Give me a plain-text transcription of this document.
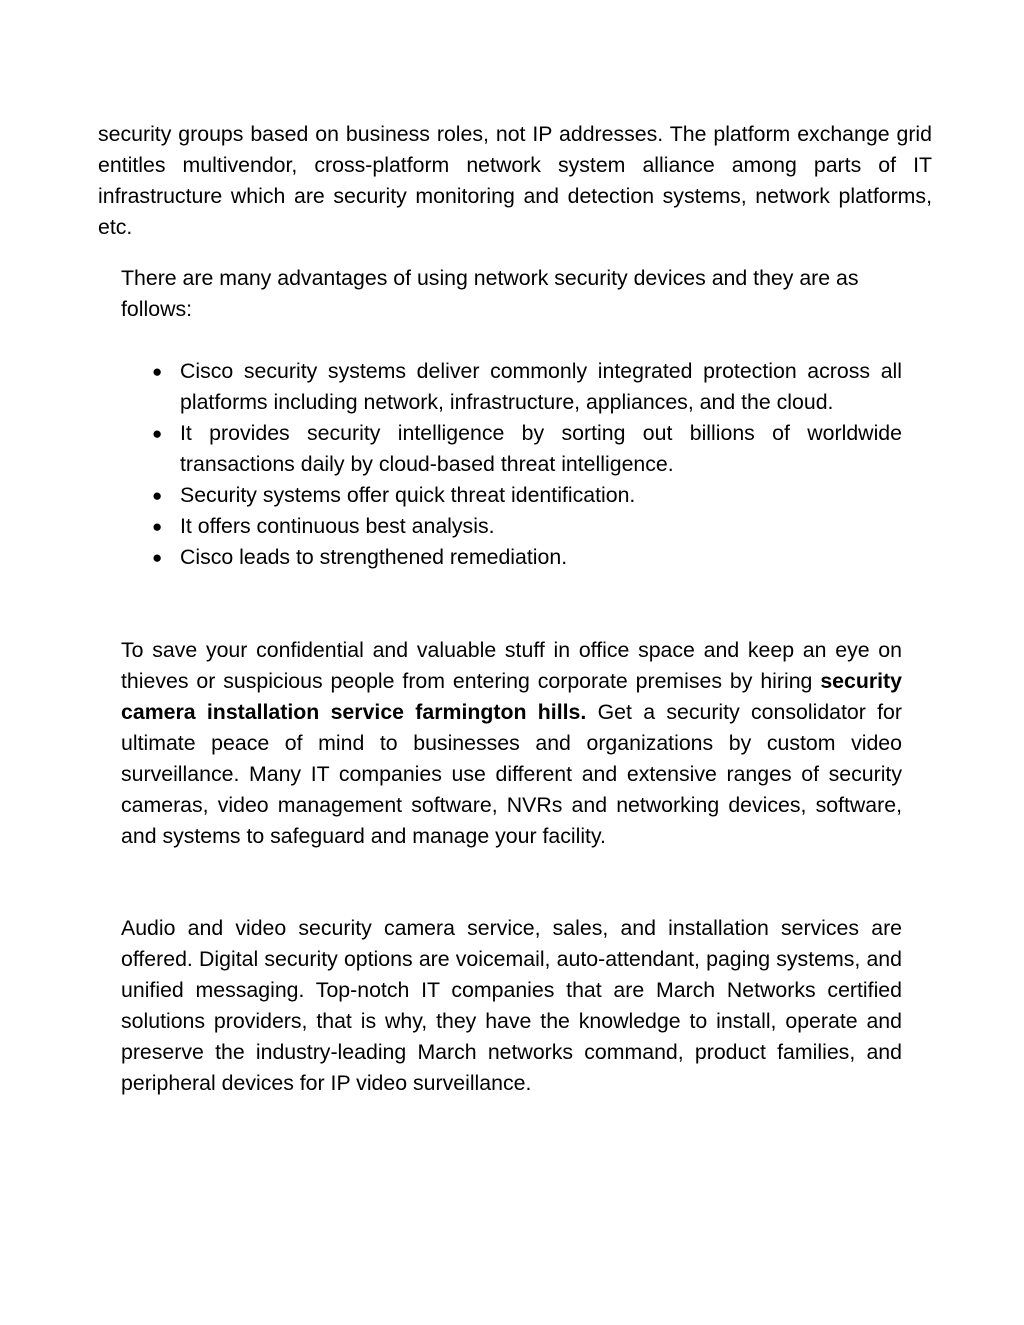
security groups based on business roles, not IP addresses. The platform exchange grid entitles multivendor, cross-platform network system alliance among parts of IT infrastructure which are security monitoring and detection systems, network platforms, etc.

There are many advantages of using network security devices and they are as follows:

● Cisco security systems deliver commonly integrated protection across all platforms including network, infrastructure, appliances, and the cloud.
● It provides security intelligence by sorting out billions of worldwide transactions daily by cloud-based threat intelligence.
● Security systems offer quick threat identification.
● It offers continuous best analysis.
● Cisco leads to strengthened remediation.

To save your confidential and valuable stuff in office space and keep an eye on thieves or suspicious people from entering corporate premises by hiring security camera installation service farmington hills. Get a security consolidator for ultimate peace of mind to businesses and organizations by custom video surveillance. Many IT companies use different and extensive ranges of security cameras, video management software, NVRs and networking devices, software, and systems to safeguard and manage your facility.

Audio and video security camera service, sales, and installation services are offered. Digital security options are voicemail, auto-attendant, paging systems, and unified messaging. Top-notch IT companies that are March Networks certified solutions providers, that is why, they have the knowledge to install, operate and preserve the industry-leading March networks command, product families, and peripheral devices for IP video surveillance.
